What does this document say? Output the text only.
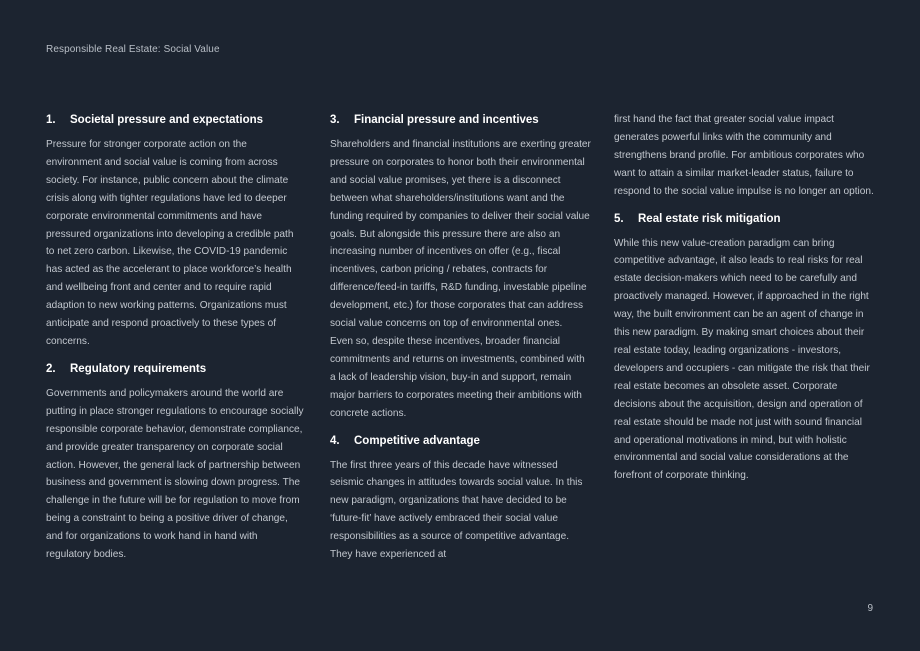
Responsible Real Estate: Social Value
1.	Societal pressure and expectations

Pressure for stronger corporate action on the environment and social value is coming from across society. For instance, public concern about the climate crisis along with tighter regulations have led to deeper corporate environmental commitments and have pressured organizations into developing a credible path to net zero carbon. Likewise, the COVID-19 pandemic has acted as the accelerant to place workforce’s health and wellbeing front and center and to require rapid adaption to new working patterns. Organizations must anticipate and respond proactively to these types of concerns.

2.	Regulatory requirements

Governments and policymakers around the world are putting in place stronger regulations to encourage socially responsible corporate behavior, demonstrate compliance, and provide greater transparency on corporate social action. However, the general lack of partnership between business and government is slowing down progress. The challenge in the future will be for regulation to move from being a constraint to being a positive driver of change, and for organizations to work hand in hand with regulatory bodies.

3.	Financial pressure and incentives

Shareholders and financial institutions are exerting greater pressure on corporates to honor both their environmental and social value promises, yet there is a disconnect between what shareholders/institutions want and the funding required by companies to deliver their social value goals. But alongside this pressure there are also an increasing number of incentives on offer (e.g., fiscal incentives, carbon pricing / rebates, contracts for difference/feed-in tariffs, R&D funding, investable pipeline development, etc.) for those corporates that can address social value concerns on top of environmental ones.

Even so, despite these incentives, broader financial commitments and returns on investments, combined with a lack of leadership vision, buy-in and support, remain major barriers to corporates meeting their ambitions with concrete actions.

4.	Competitive advantage

The first three years of this decade have witnessed seismic changes in attitudes towards social value. In this new paradigm, organizations that have decided to be ‘future-fit’ have actively embraced their social value responsibilities as a source of competitive advantage. They have experienced at

first hand the fact that greater social value impact generates powerful links with the community and strengthens brand profile. For ambitious corporates who want to attain a similar market-leader status, failure to respond to the social value impulse is no longer an option.

5.	Real estate risk mitigation

While this new value-creation paradigm can bring competitive advantage, it also leads to real risks for real estate decision-makers which need to be carefully and proactively managed. However, if approached in the right way, the built environment can be an agent of change in this new paradigm. By making smart choices about their real estate today, leading organizations - investors, developers and occupiers - can mitigate the risk that their real estate becomes an obsolete asset. Corporate decisions about the acquisition, design and operation of real estate should be made not just with sound financial and operational motivations in mind, but with holistic environmental and social value considerations at the forefront of corporate thinking.

9
